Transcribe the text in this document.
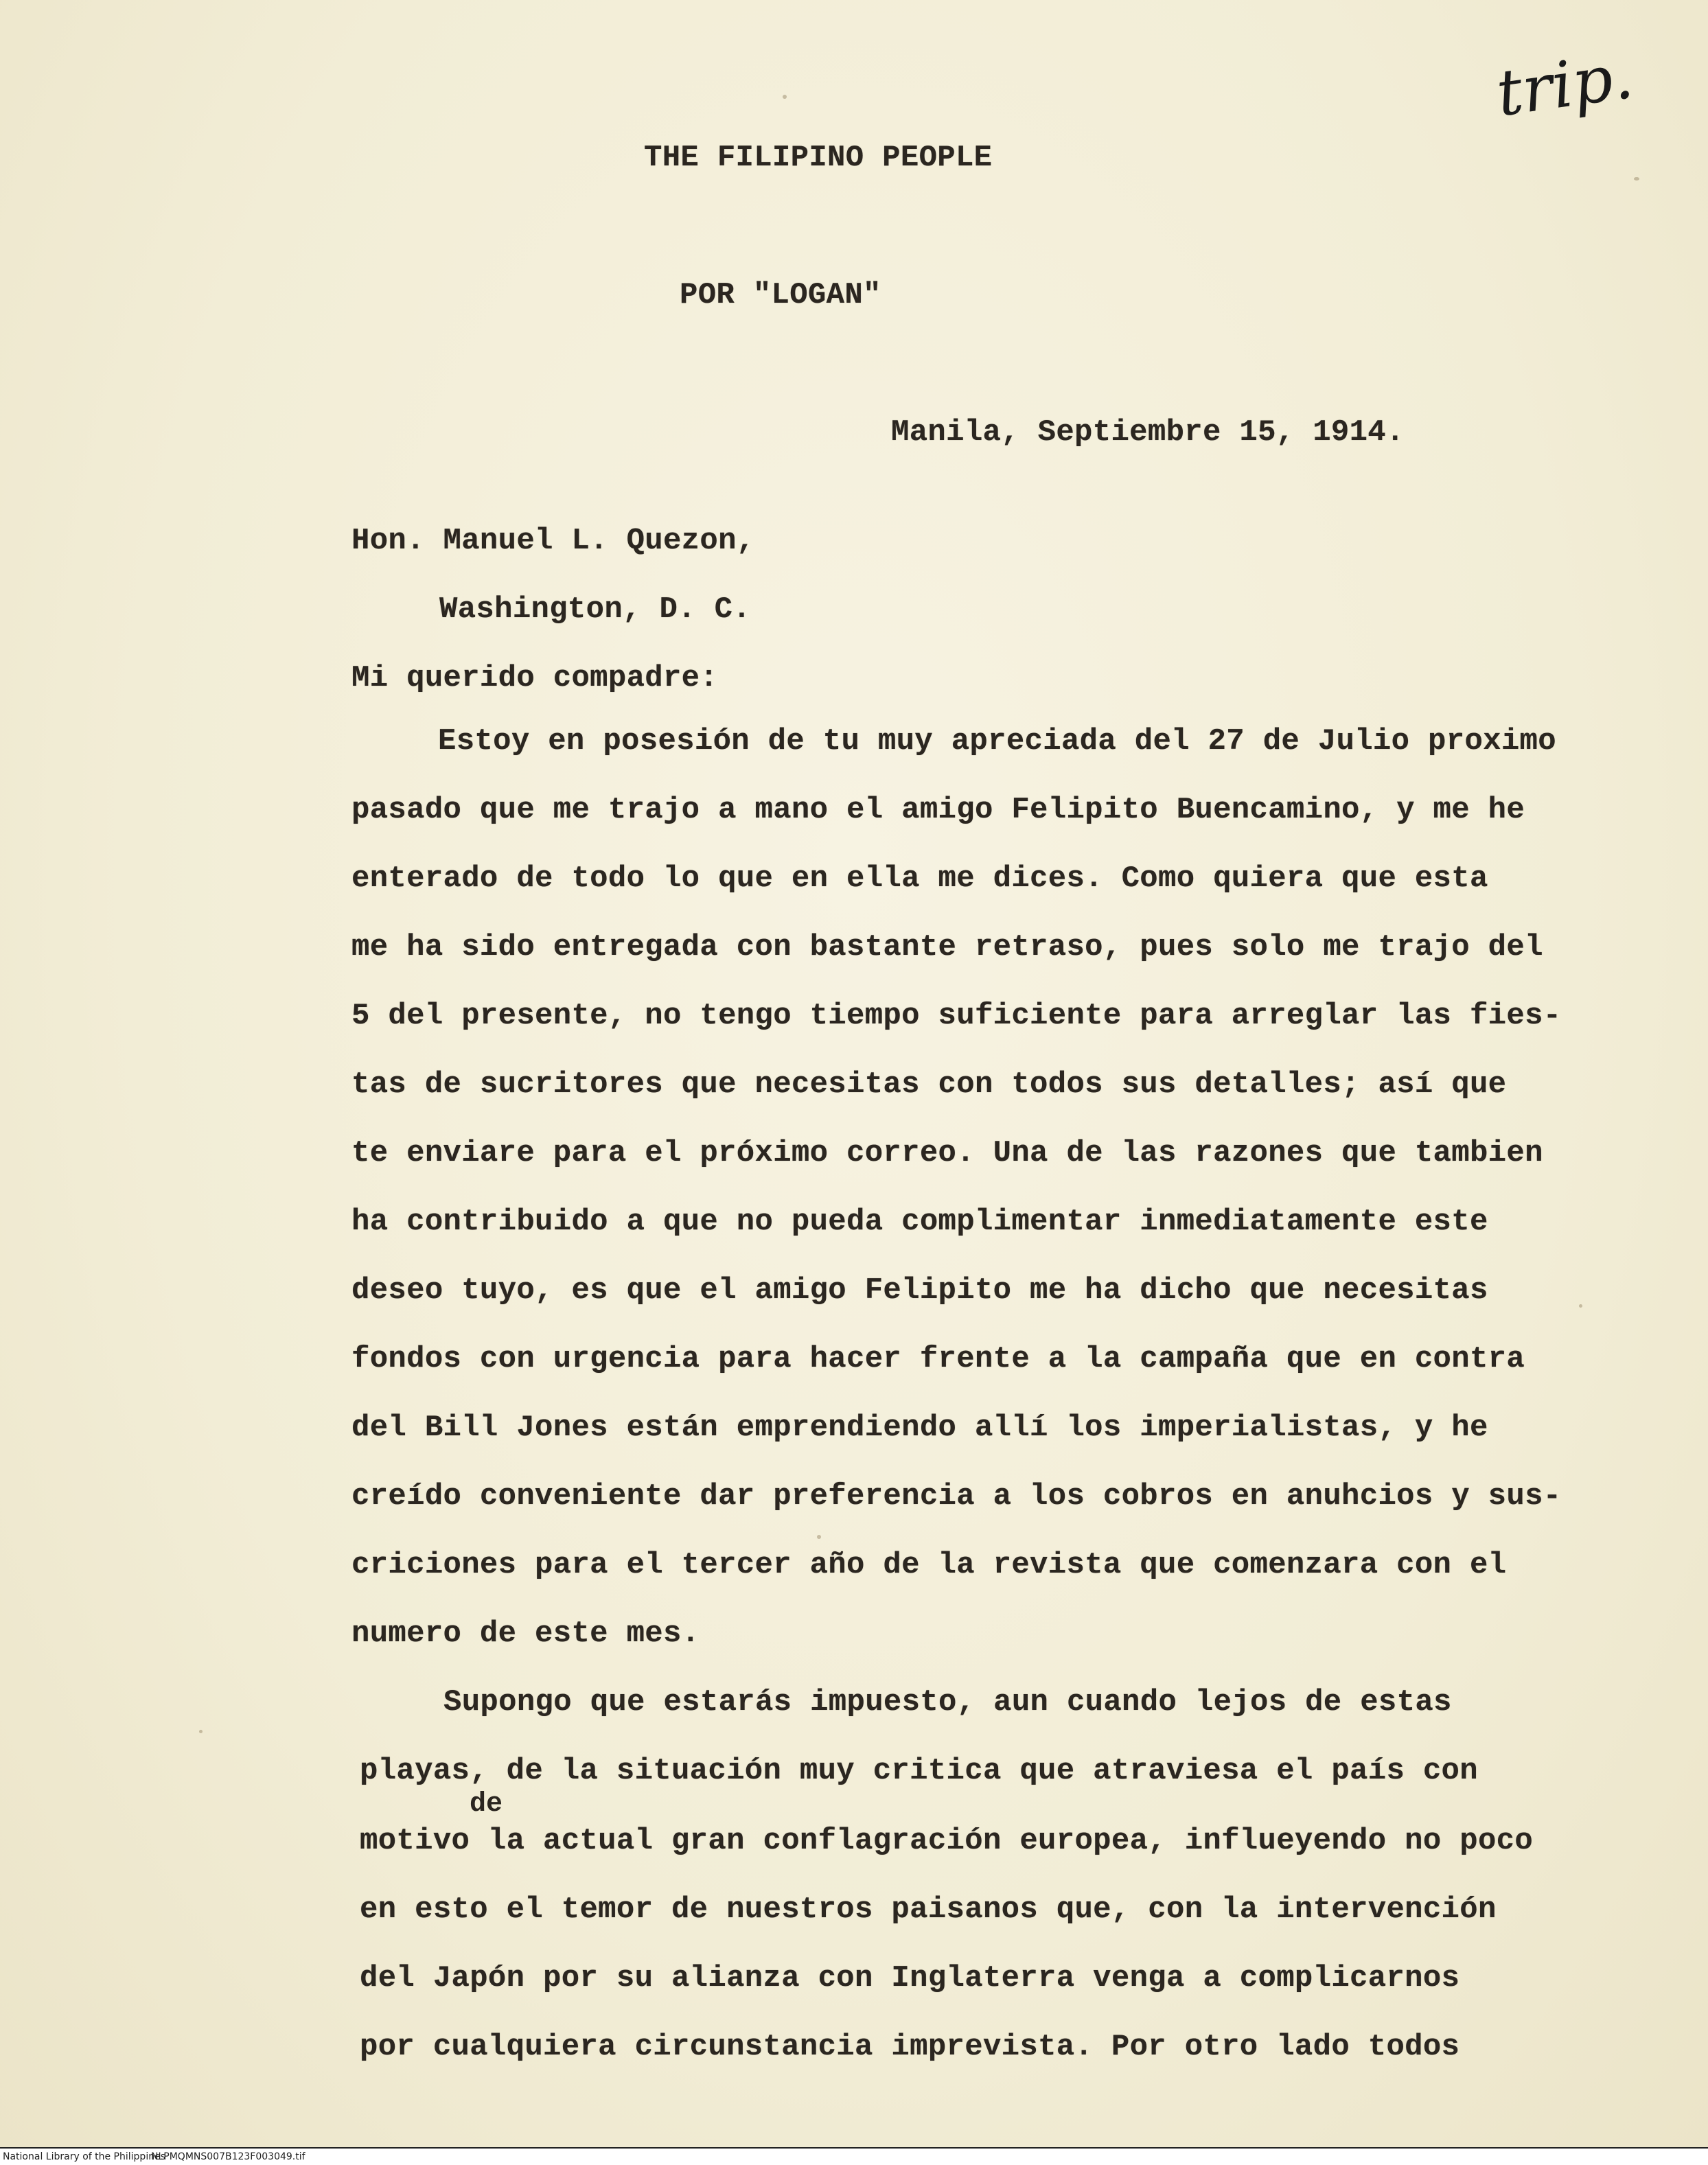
trip.
THE FILIPINO PEOPLE
POR "LOGAN"
Manila, Septiembre 15, 1914.
Hon. Manuel L. Quezon,
Washington, D. C.
Mi querido compadre:
Estoy en posesión de tu muy apreciada del 27 de Julio proximo
pasado que me trajo a mano el amigo Felipito Buencamino, y me he
enterado de todo lo que en ella me dices. Como quiera que esta
me ha sido entregada con bastante retraso, pues solo me trajo del
5 del presente, no tengo tiempo suficiente para arreglar las fies-
tas de sucritores que necesitas con todos sus detalles; así que
te enviare para el próximo correo. Una de las razones que tambien
ha contribuido a que no pueda complimentar inmediatamente este
deseo tuyo, es que el amigo Felipito me ha dicho que necesitas
fondos con urgencia para hacer frente a la campaña que en contra
del Bill Jones están emprendiendo allí los imperialistas, y he
creído conveniente dar preferencia a los cobros en anuhcios y sus-
criciones para el tercer año de la revista que comenzara con el
numero de este mes.
Supongo que estarás impuesto, aun cuando lejos de estas
playas, de la situación muy critica que atraviesa el país con
de
motivo la actual gran conflagración europea, influeyendo no poco
en esto el temor de nuestros paisanos que, con la intervención
del Japón por su alianza con Inglaterra venga a complicarnos
por cualquiera circunstancia imprevista. Por otro lado todos
National Library of the Philippines
NLPMQMNS007B123F003049.tif
